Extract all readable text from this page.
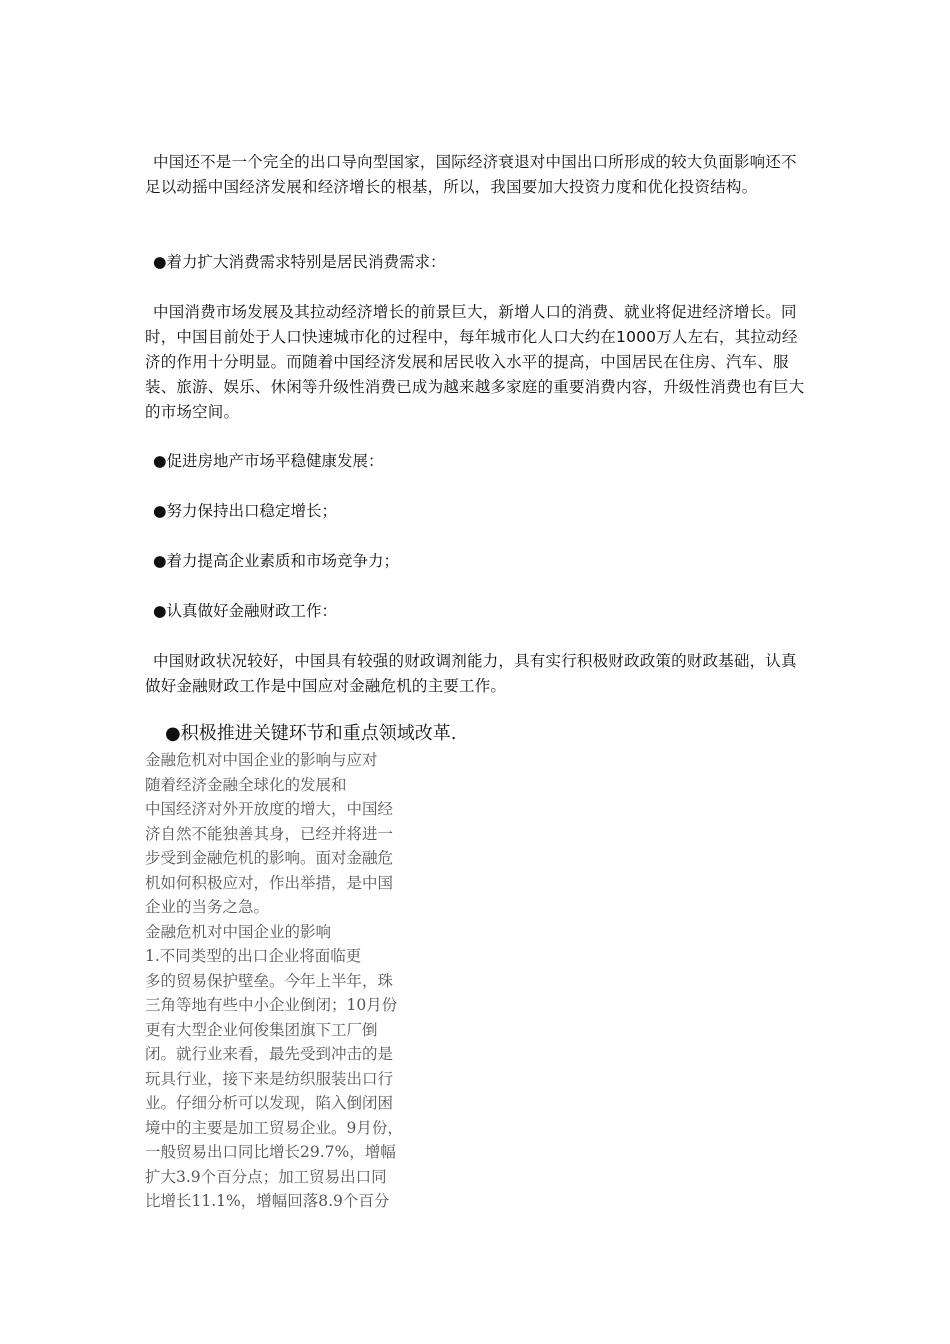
中国还不是一个完全的出口导向型国家，国际经济衰退对中国出口所形成的较大负面影响还不足以动摇中国经济发展和经济增长的根基，所以，我国要加大投资力度和优化投资结构。

●着力扩大消费需求特别是居民消费需求：

中国消费市场发展及其拉动经济增长的前景巨大，新增人口的消费、就业将促进经济增长。同时，中国目前处于人口快速城市化的过程中，每年城市化人口大约在1000万人左右，其拉动经济的作用十分明显。而随着中国经济发展和居民收入水平的提高，中国居民在住房、汽车、服装、旅游、娱乐、休闲等升级性消费已成为越来越多家庭的重要消费内容，升级性消费也有巨大的市场空间。

●促进房地产市场平稳健康发展：

●努力保持出口稳定增长；

●着力提高企业素质和市场竞争力；

●认真做好金融财政工作：

中国财政状况较好，中国具有较强的财政调剂能力，具有实行积极财政政策的财政基础，认真做好金融财政工作是中国应对金融危机的主要工作。

●积极推进关键环节和重点领域改革.

金融危机对中国企业的影响与应对
随着经济金融全球化的发展和
中国经济对外开放度的增大，中国经
济自然不能独善其身，已经并将进一
步受到金融危机的影响。面对金融危
机如何积极应对，作出举措，是中国
企业的当务之急。
金融危机对中国企业的影响
1.不同类型的出口企业将面临更
多的贸易保护壁垒。今年上半年，珠
三角等地有些中小企业倒闭；10月份
更有大型企业何俊集团旗下工厂倒
闭。就行业来看，最先受到冲击的是
玩具行业，接下来是纺织服装出口行
业。仔细分析可以发现，陷入倒闭困
境中的主要是加工贸易企业。9月份，
一般贸易出口同比增长29.7%，增幅
扩大3.9个百分点；加工贸易出口同
比增长11.1%，增幅回落8.9个百分
